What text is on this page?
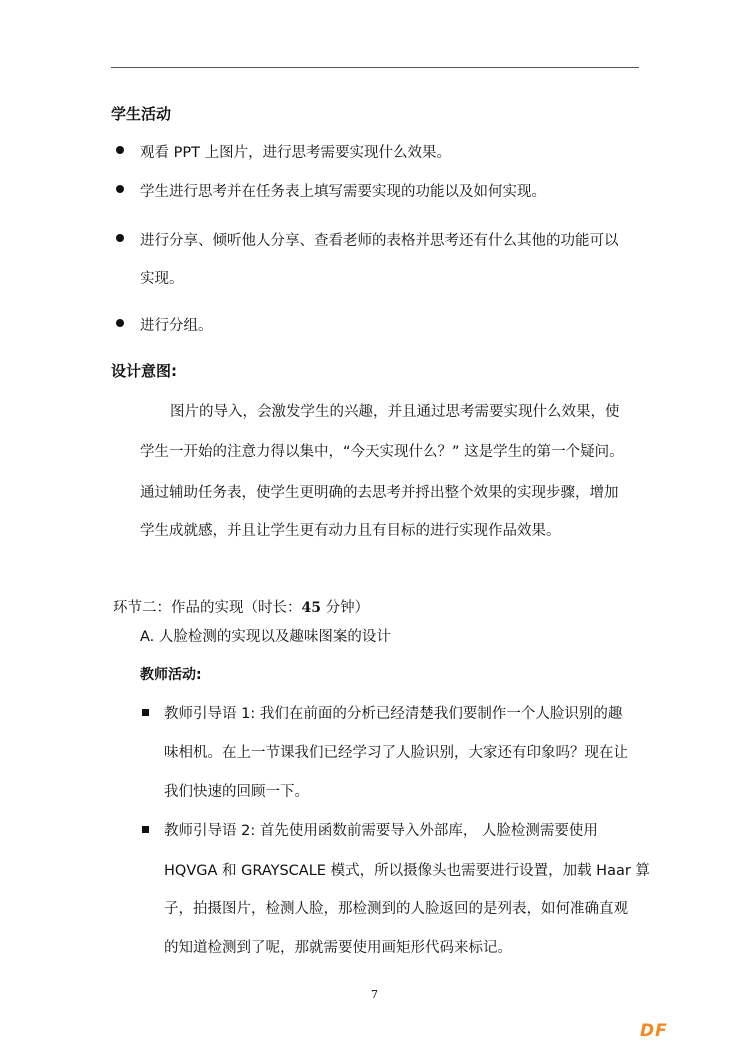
学生活动
观看 PPT 上图片，进行思考需要实现什么效果。
学生进行思考并在任务表上填写需要实现的功能以及如何实现。
进行分享、倾听他人分享、查看老师的表格并思考还有什么其他的功能可以
实现。
进行分组。
设计意图:
图片的导入，会激发学生的兴趣，并且通过思考需要实现什么效果，使
学生一开始的注意力得以集中，“今天实现什么？” 这是学生的第一个疑问。
通过辅助任务表，使学生更明确的去思考并捋出整个效果的实现步骤，增加
学生成就感，并且让学生更有动力且有目标的进行实现作品效果。
环节二：作品的实现（时长：45 分钟）
A. 人脸检测的实现以及趣味图案的设计
教师活动:
教师引导语 1: 我们在前面的分析已经清楚我们要制作一个人脸识别的趣
味相机。在上一节课我们已经学习了人脸识别，大家还有印象吗？现在让
我们快速的回顾一下。
教师引导语 2: 首先使用函数前需要导入外部库， 人脸检测需要使用
HQVGA 和 GRAYSCALE 模式，所以摄像头也需要进行设置，加载 Haar 算
子，拍摄图片，检测人脸，那检测到的人脸返回的是列表，如何准确直观
的知道检测到了呢，那就需要使用画矩形代码来标记。
7
DF
